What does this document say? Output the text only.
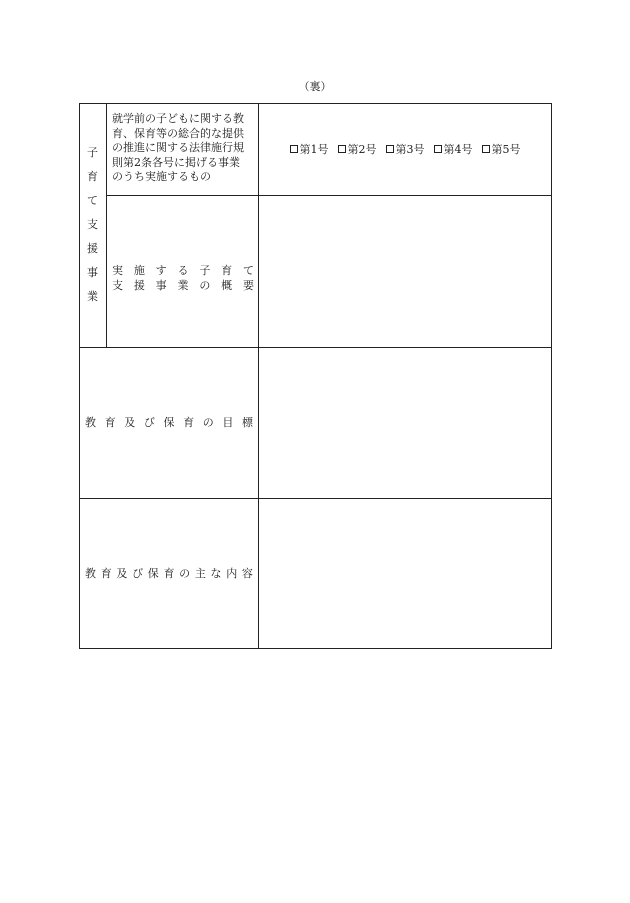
（裏）
子
育
て
支
援
事
業
就学前の子どもに関する教
育、保育等の総合的な提供
の推進に関する法律施行規
則第2条各号に掲げる事業
のうち実施するもの
第1号 第2号 第3号 第4号 第5号
実 施 す る 子 育 て
支 援 事 業 の 概 要
教 育 及 び 保 育 の 目 標
教 育 及 び 保 育 の 主 な 内 容
